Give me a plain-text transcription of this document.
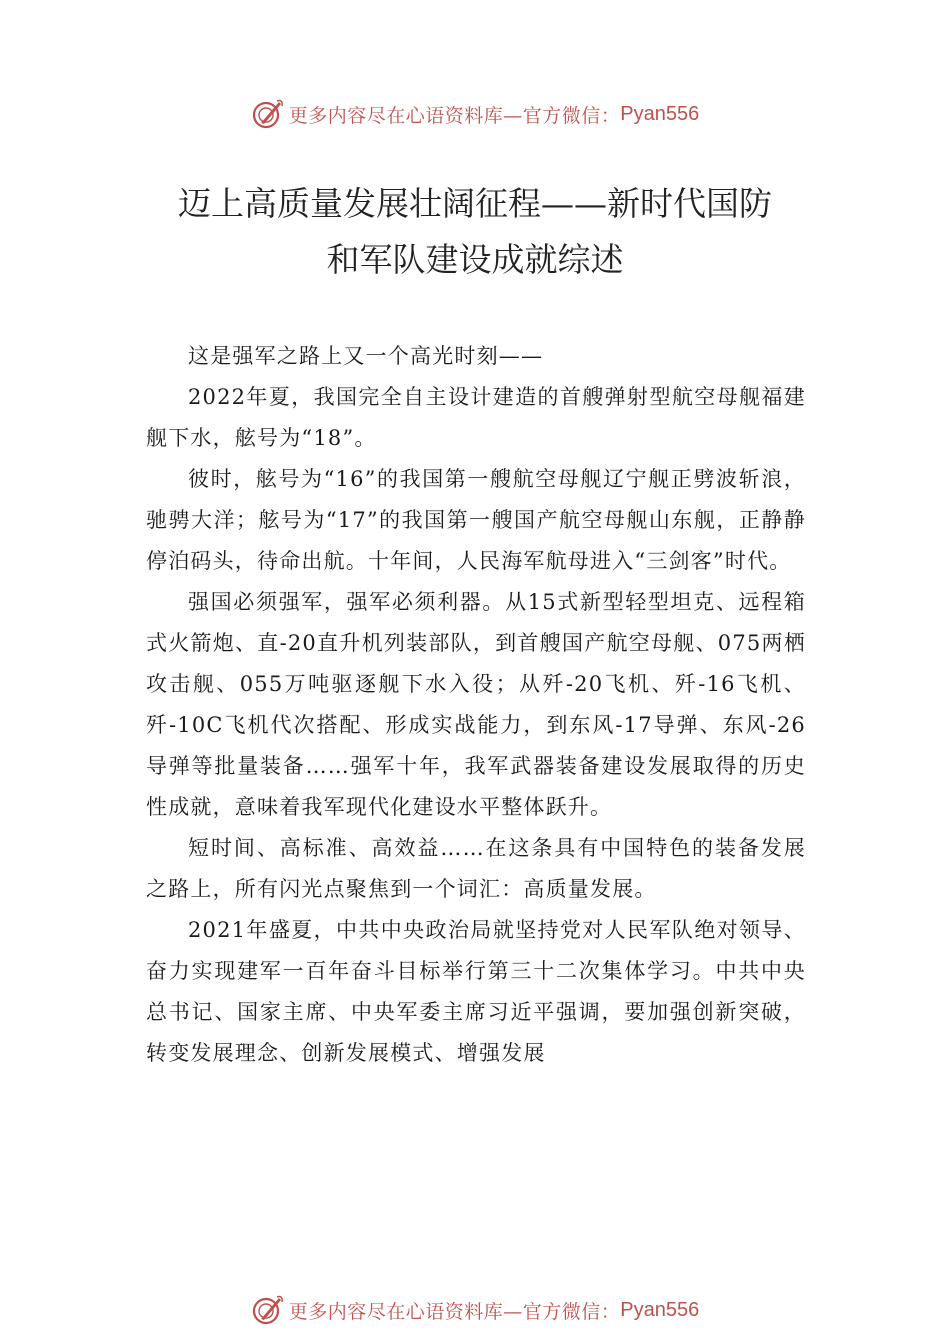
更多内容尽在心语资料库—官方微信： Pyan556
迈上高质量发展壮阔征程——新时代国防
和军队建设成就综述

这是强军之路上又一个高光时刻——

2022年夏，我国完全自主设计建造的首艘弹射型航空母舰福建舰下水，舷号为“18”。

彼时，舷号为“16”的我国第一艘航空母舰辽宁舰正劈波斩浪，驰骋大洋；舷号为“17”的我国第一艘国产航空母舰山东舰，正静静停泊码头，待命出航。十年间，人民海军航母进入“三剑客”时代。

强国必须强军，强军必须利器。从15式新型轻型坦克、远程箱式火箭炮、直-20直升机列装部队，到首艘国产航空母舰、075两栖攻击舰、055万吨驱逐舰下水入役；从歼-20飞机、歼-16飞机、歼-10C飞机代次搭配、形成实战能力，到东风-17导弹、东风-26导弹等批量装备……强军十年，我军武器装备建设发展取得的历史性成就，意味着我军现代化建设水平整体跃升。

短时间、高标准、高效益……在这条具有中国特色的装备发展之路上，所有闪光点聚焦到一个词汇：高质量发展。

2021年盛夏，中共中央政治局就坚持党对人民军队绝对领导、奋力实现建军一百年奋斗目标举行第三十二次集体学习。中共中央总书记、国家主席、中央军委主席习近平强调，要加强创新突破，转变发展理念、创新发展模式、增强发展

更多内容尽在心语资料库—官方微信： Pyan556
